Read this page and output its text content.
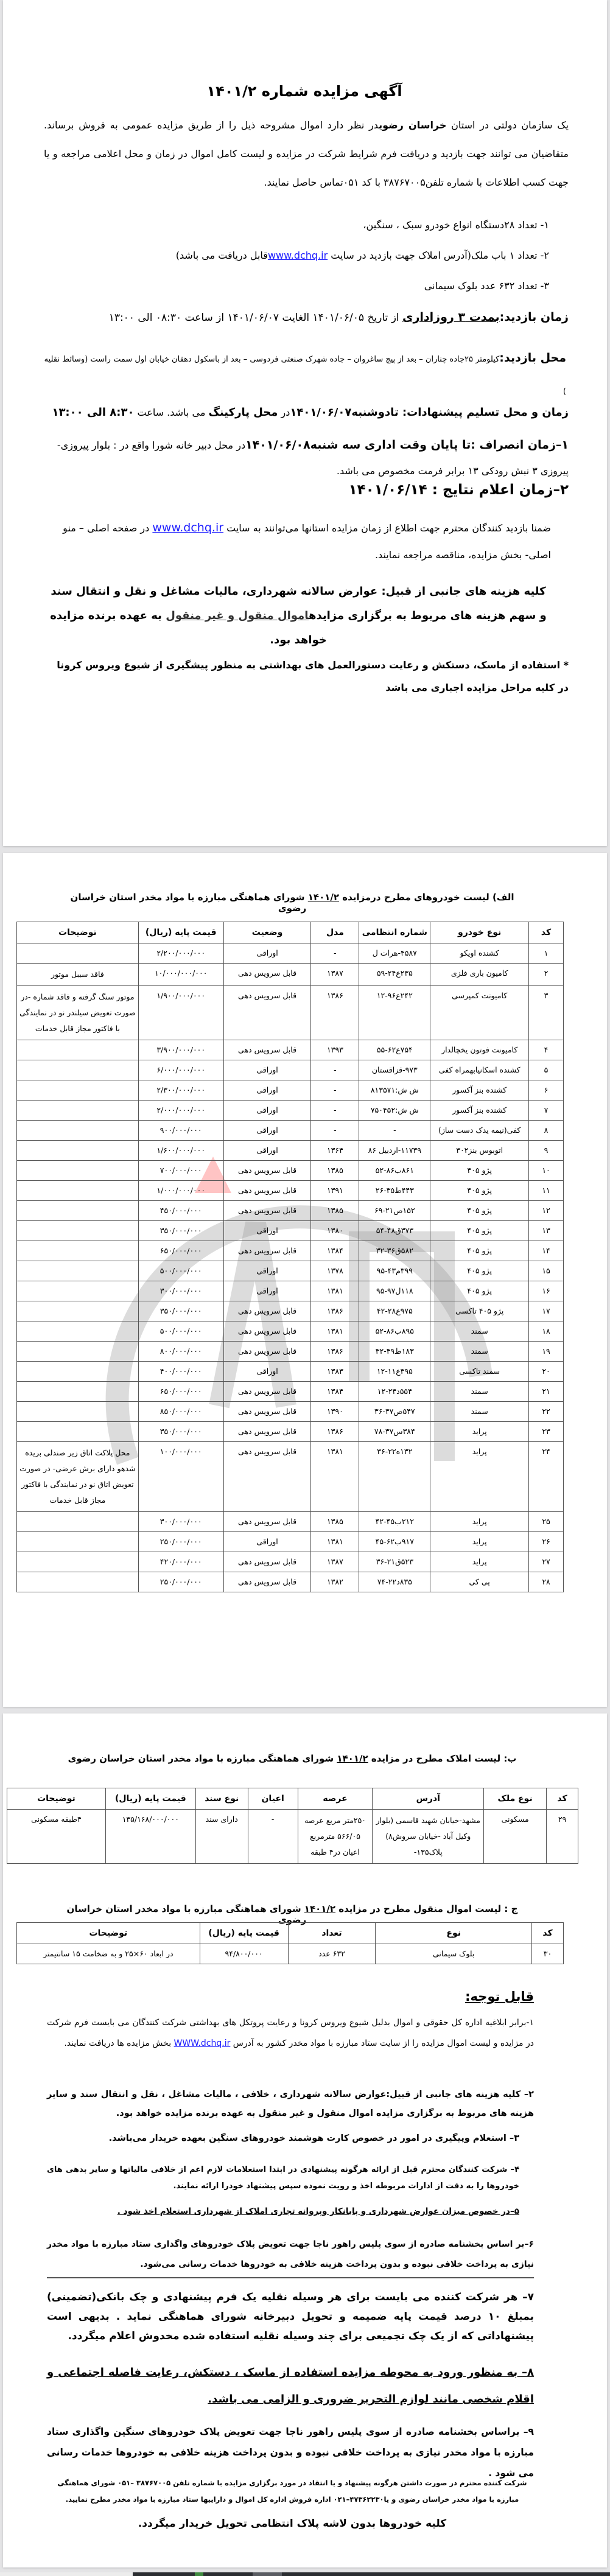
آگهی مزایده شماره ۱۴۰۱/۲
یک سازمان دولتی در استان خراسان رضویدر نظر دارد اموال مشروحه ذیل را از طریق مزایده عمومی به فروش برساند. متقاضیان می توانند جهت بازدید و دریافت فرم شرایط شرکت در مزایده و لیست کامل اموال در زمان و محل اعلامی مراجعه و یا جهت کسب اطلاعات با شماره تلفن۳۸۷۶۷۰۰۵ با کد ۰۵۱تماس حاصل نمایند.
۱- تعداد ۲۸دستگاه انواع خودرو سبک ، سنگین،
۲- تعداد ۱ باب ملک(آدرس املاک جهت بازدید در سایت www.dchq.irقابل دریافت می باشد)
۳- تعداد ۶۳۲ عدد بلوک سیمانی
زمان بازدید:بمدت ۳ روزاداری از تاریخ ۱۴۰۱/۰۶/۰۵ الغایت ۱۴۰۱/۰۶/۰۷ از ساعت ۰۸:۳۰ الی ۱۳:۰۰
محل بازدید:کیلومتر ۲۵جاده چناران – بعد از پیچ ساغروان – جاده شهرک صنعتی فردوسی – بعد از باسکول دهقان خیابان اول سمت راست (وسائط نقلیه )
زمان و محل تسلیم پیشنهادات: تادوشنبه۱۴۰۱/۰۶/۰۷در محل پارکینگ می باشد. ساعت ۸:۳۰ الی ۱۳:۰۰
۱–زمان انصراف :تا پایان وقت اداری سه شنبه۱۴۰۱/۰۶/۰۸در محل دبیر خانه شورا واقع در : بلوار پیروزی- پیروزی ۳ نبش رودکی ۱۳ برابر فرمت مخصوص می باشد.
۲–زمان اعلام نتایج : ۱۴۰۱/۰۶/۱۴
ضمنا بازدید کنندگان محترم جهت اطلاع از زمان مزایده استانها می‌توانند به سایت www.dchq.ir در صفحه اصلی – منو اصلی- بخش مزایده، مناقصه مراجعه نمایند.
کلیه هزینه های جانبی از قبیل: عوارض سالانه شهرداری، مالیات مشاغل و نقل و انتقال سند و سهم هزینه های مربوط به برگزاری مزایدهاموال منقول و غیر منقول به عهده برنده مزایده خواهد بود.
* استفاده از ماسک، دستکش و رعایت دستورالعمل های بهداشتی به منظور پیشگیری از شیوع ویروس کرونا در کلیه مراحل مزایده اجباری می باشد
الف) لیست خودروهای مطرح درمزایده ۱۴۰۱/۲ شورای هماهنگی مبارزه با مواد مخدر استان خراسان رضوی
کد	نوع خودرو	شماره انتظامی	مدل	وضعیت	قیمت پایه (ریال)	توضیحات
۱	کشنده اویکو	۴۵۸۷-هرات ل	-	اوراقی	۲/۲۰۰/۰۰۰/۰۰۰	
۲	کامیون باری فلزی	۲۳۵ع۲۴-۵۹	۱۳۸۷	قابل سرویس دهی	۱۰/۰۰۰/۰۰۰/۰۰۰	فاقد سیبل موتور
۳	کامیونت کمپرسی	۲۴۲ع۹۶-۱۲	۱۳۸۶	قابل سرویس دهی	۱/۹۰۰/۰۰۰/۰۰۰	موتور سنگ گرفته و فاقد شماره -در صورت تعویض سیلندر نو در نمایندگی با فاکتور مجاز قابل خدمات
۴	کامیونت فوتون یخچالدار	۷۵۴ع۶۲-۵۵	۱۳۹۳	قابل سرویس دهی	۳/۹۰۰/۰۰۰/۰۰۰	
۵	کشنده اسکانیابهمراه کفی	۹۷۳-قزاقستان	-	اوراقی	۶/۰۰۰/۰۰۰/۰۰۰	
۶	کشنده بنز آکسور	ش ش:۸۱۳۵۷۱	-	اوراقی	۲/۳۰۰/۰۰۰/۰۰۰	
۷	کشنده بنز آکسور	ش ش:۷۵۰۴۵۲	-	اوراقی	۲/۰۰۰/۰۰۰/۰۰۰	
۸	کفی(نیمه یدک دست ساز)	-	-	اوراقی	۹۰۰/۰۰۰/۰۰۰	
۹	اتوبوس بنز۳۰۲	۱۱۷۳۹-اردبیل ۸۶	۱۳۶۴	اوراقی	۱/۶۰۰/۰۰۰/۰۰۰	
۱۰	پژو ۴۰۵	۸۶۱ب۸۶-۵۲	۱۳۸۵	قابل سرویس دهی	۷۰۰/۰۰۰/۰۰۰	
۱۱	پژو ۴۰۵	۴۴۳ط۳۵-۲۶	۱۳۹۱	قابل سرویس دهی	۱/۰۰۰/۰۰۰/۰۰۰	
۱۲	پژو ۴۰۵	۱۵۲ص۲۱-۶۹	۱۳۸۵	قابل سرویس دهی	۴۵۰/۰۰۰/۰۰۰	
۱۳	پژو ۴۰۵	۳۷۳ق۴۸-۵۴	۱۳۸۰	اوراقی	۳۵۰/۰۰۰/۰۰۰	
۱۴	پژو ۴۰۵	۵۸۲ق۳۶-۳۲	۱۳۸۴	قابل سرویس دهی	۶۵۰/۰۰۰/۰۰۰	
۱۵	پژو ۴۰۵	۳۹۹م۴۳-۹۵	۱۳۷۸	اوراقی	۵۰۰/۰۰۰/۰۰۰	
۱۶	پژو ۴۰۵	۱۱۸ل۹۷-۹۵	۱۳۸۱	اوراقی	۳۰۰/۰۰۰/۰۰۰	
۱۷	پژو ۴۰۵ تاکسی	۹۷۵ع۲۸-۴۲	۱۳۸۶	قابل سرویس دهی	۳۵۰/۰۰۰/۰۰۰	
۱۸	سمند	۸۹۵ب۸۶-۵۲	۱۳۸۱	قابل سرویس دهی	۵۰۰/۰۰۰/۰۰۰	
۱۹	سمند	۱۸۳ط۴۹-۳۲	۱۳۸۶	قابل سرویس دهی	۸۰۰/۰۰۰/۰۰۰	
۲۰	سمند تاکسی	۳۹۵ع۱۱-۱۲	۱۳۸۳	اوراقی	۴۰۰/۰۰۰/۰۰۰	
۲۱	سمند	۵۵۴د۲۴-۱۲	۱۳۸۴	قابل سرویس دهی	۶۵۰/۰۰۰/۰۰۰	
۲۲	سمند	۵۴۷ص۴۷-۳۶	۱۳۹۰	قابل سرویس دهی	۸۵۰/۰۰۰/۰۰۰	
۲۳	پراید	۳۸۴س۳۷-۷۸	۱۳۸۶	قابل سرویس دهی	۳۵۰/۰۰۰/۰۰۰	
۲۴	پراید	۱۳۲ه۲۲-۳۶	۱۳۸۱	قابل سرویس دهی	۱۰۰/۰۰۰/۰۰۰	محل پلاکت اتاق زیر صندلی بریده شدهو دارای برش عرضی- در صورت تعویض اتاق نو در نمایندگی با فاکتور مجاز قابل خدمات
۲۵	پراید	۲۱۲ب۴۵-۴۲	۱۳۸۵	قابل سرویس دهی	۳۰۰/۰۰۰/۰۰۰	
۲۶	پراید	۹۱۷ب۶۲-۴۵	۱۳۸۱	اوراقی	۲۵۰/۰۰۰/۰۰۰	
۲۷	پراید	۵۲۳ق۲۱-۳۶	۱۳۸۷	قابل سرویس دهی	۴۲۰/۰۰۰/۰۰۰	
۲۸	پی کی	۸۳۵د۲۲-۷۴	۱۳۸۲	قابل سرویس دهی	۲۵۰/۰۰۰/۰۰۰	
ب: لیست املاک مطرح در مزایده ۱۴۰۱/۲ شورای هماهنگی مبارزه با مواد مخدر استان خراسان رضوی
کد	نوع ملک	آدرس	عرصه	اعیان	نوع سند	قیمت پایه (ریال)	توضیحات
۲۹	مسکونی	مشهد-خیابان شهید قاسمی (بلوار وکیل آباد -خیابان سروش۸) پلاک۱۳۵-	۲۵۰متر مربع عرصه ۵۶۶/۰۵ مترمربع اعیان در۴ طبقه	-	دارای سند	۱۳۵/۱۶۸/۰۰۰/۰۰۰	۴طبقه مسکونی
ج : لیست اموال منقول مطرح در مزایده ۱۴۰۱/۲ شورای هماهنگی مبارزه با مواد مخدر استان خراسان رضوی
کد	نوع	تعداد	قیمت پایه (ریال)	توضیحات
۳۰	بلوک سیمانی	۶۳۲ عدد	۹۴/۸۰۰/۰۰۰	در ابعاد ۶۰×۲۵ و به ضخامت ۱۵ سانتیمتر
قابل توجه:
۱-برابر ابلاغیه اداره کل حقوقی و اموال بدلیل شیوع ویروس کرونا و رعایت پروتکل های بهداشتی شرکت کنندگان می بایست فرم شرکت در مزایده و لیست اموال مزایده را از سایت ستاد مبارزه با مواد مخدر کشور به آدرس WWW.dchq.ir بخش مزایده ها دریافت نمایند.
۲– کلیه هزینه های جانبی از قبیل:عوارض سالانه شهرداری ، خلافی ، مالیات مشاغل ، نقل و انتقال سند و سایر هزینه های مربوط به برگزاری مزایده اموال منقول و غیر منقول به عهده برنده مزایده خواهد بود.
۳– استعلام وپیگیری در امور در خصوص کارت هوشمند خودروهای سنگین بعهده خریدار می‌باشد.
۴– شرکت کنندگان محترم قبل از ارائه هرگونه پیشنهادی در ابتدا استعلامات لازم اعم از خلافی مالیاتها و سایر بدهی های خودروها را به دقت از ادارات مربوطه اخذ و رویت نموده سپس پیشنهاد خودرا ارائه نمایند.
۵–در خصوص میزان عوارض شهرداری و پایانکار وپروانه تجاری املاک از شهرداری استعلام اخذ شود .
۶–بر اساس بخشنامه صادره از سوی پلیس راهور ناجا جهت تعویض پلاک خودروهای واگذاری ستاد مبارزه با مواد مخدر نیازی به پرداخت خلافی نبوده و بدون پرداخت هزینه خلافی به خودروها خدمات رسانی می‌شود.
۷– هر شرکت کننده می بایست برای هر وسیله نقلیه یک فرم پیشنهادی و چک بانکی(تضمینی) بمبلغ ۱۰ درصد قیمت پایه ضمیمه و تحویل دبیرخانه شورای هماهنگی نماید . بدیهی است پیشنهاداتی که از یک چک تجمیعی برای چند وسیله نقلیه استفاده شده مخدوش اعلام میگردد.
۸– به منظور ورود به محوطه مزایده استفاده از ماسک ، دستکش، رعایت فاصله اجتماعی و اقلام شخصی مانند لوازم التحریر ضروری و الزامی می باشد.
۹– براساس بخشنامه صادره از سوی پلیس راهور ناجا جهت تعویض پلاک خودروهای سنگین واگذاری ستاد مبارزه با مواد مخدر نیازی به پرداخت خلافی نبوده و بدون پرداخت هزینه خلافی به خودروها خدمات رسانی می شود .
شرکت کننده محترم در صورت داشتن هرگونه پیشنهاد و یا انتقاد در مورد برگزاری مزایده با شماره تلفن ۳۸۷۶۷۰۰۵ –۰۵۱ شورای هماهنگی مبارزه با مواد مخدر خراسان رضوی و یا۴۷۳۶۲۲۳۰–۰۲۱ اداره فروش اداره کل اموال و داراییها ستاد مبارزه با مواد مخدر مطرح نمایید.
کلیه خودروها بدون لاشه پلاک انتظامی تحویل خریدار میگردد.
